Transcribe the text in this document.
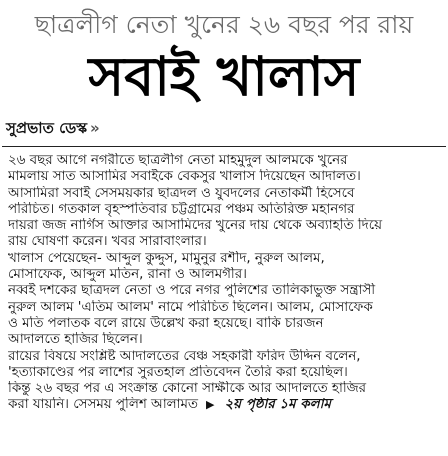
ছাত্রলীগ নেতা খুনের ২৬ বছর পর রায়
সবাই খালাস
সুপ্রভাত ডেস্ক »

২৬ বছর আগে নগরীতে ছাত্রলীগ নেতা মাহমুদুল আলমকে খুনের
মামলায় সাত আসামির সবাইকে বেকসুর খালাস দিয়েছেন আদালত।

আসামিরা সবাই সেসময়কার ছাত্রদল ও যুবদলের নেতাকর্মী হিসেবে
পরিচিত। গতকাল বৃহস্পতিবার চট্টগ্রামের পঞ্চম অতিরিক্ত মহানগর
দায়রা জজ নার্গিস আক্তার আসামিদের খুনের দায় থেকে অব্যাহতি দিয়ে
রায় ঘোষণা করেন। খবর সারাবাংলার।

খালাস পেয়েছেন- আব্দুল কুদ্দুস, মামুনুর রশীদ, নুরুল আলম,
মোসাফেক, আব্দুল মতিন, রানা ও আলমগীর।

নব্বই দশকের ছাত্রদল নেতা ও পরে নগর পুলিশের তালিকাভুক্ত সন্ত্রাসী
নুরুল আলম 'এতিম আলম' নামে পরিচিত ছিলেন। আলম, মোসাফেক
ও মতি পলাতক বলে রায়ে উল্লেখ করা হয়েছে। বাকি চারজন
আদালতে হাজির ছিলেন।

রায়ের বিষয়ে সংশ্লিষ্ট আদালতের বেঞ্চ সহকারী ফরিদ উদ্দিন বলেন,
'হত্যাকাণ্ডের পর লাশের সুরতহাল প্রতিবেদন তৈরি করা হয়েছিল।
কিন্তু ২৬ বছর পর এ সংক্রান্ত কোনো সাক্ষীকে আর আদালতে হাজির
করা যায়নি। সেসময় পুলিশ আলামত ▶ ২য় পৃষ্ঠার ১ম কলাম
